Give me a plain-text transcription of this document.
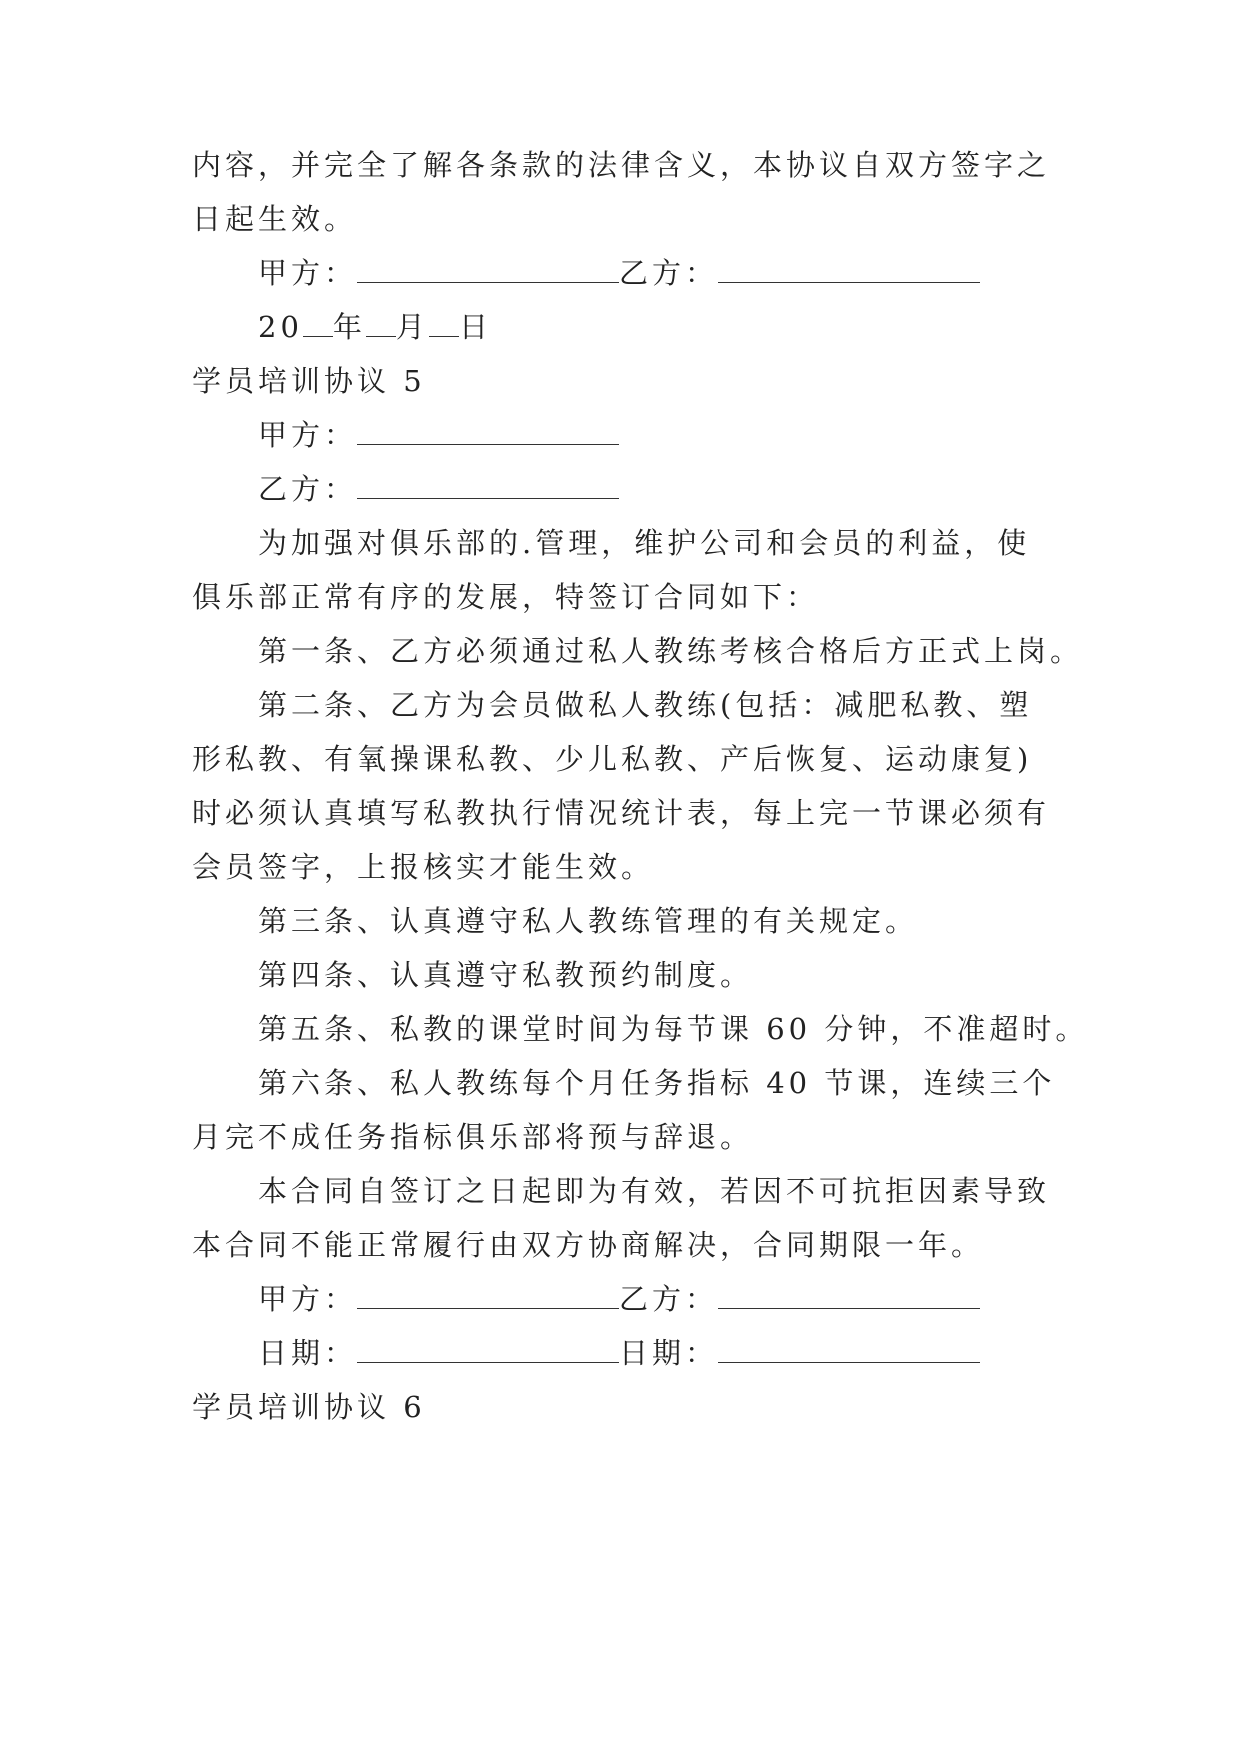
内容，并完全了解各条款的法律含义，本协议自双方签字之
日起生效。
甲方：	乙方：
20 年 月 日
学员培训协议 5
甲方：
乙方：
为加强对俱乐部的.管理，维护公司和会员的利益，使
俱乐部正常有序的发展，特签订合同如下：
第一条、乙方必须通过私人教练考核合格后方正式上岗。
第二条、乙方为会员做私人教练(包括：减肥私教、塑
形私教、有氧操课私教、少儿私教、产后恢复、运动康复)
时必须认真填写私教执行情况统计表，每上完一节课必须有
会员签字，上报核实才能生效。
第三条、认真遵守私人教练管理的有关规定。
第四条、认真遵守私教预约制度。
第五条、私教的课堂时间为每节课 60 分钟，不准超时。
第六条、私人教练每个月任务指标 40 节课，连续三个
月完不成任务指标俱乐部将预与辞退。
本合同自签订之日起即为有效，若因不可抗拒因素导致
本合同不能正常履行由双方协商解决，合同期限一年。
甲方：	乙方：
日期：	日期：
学员培训协议 6
